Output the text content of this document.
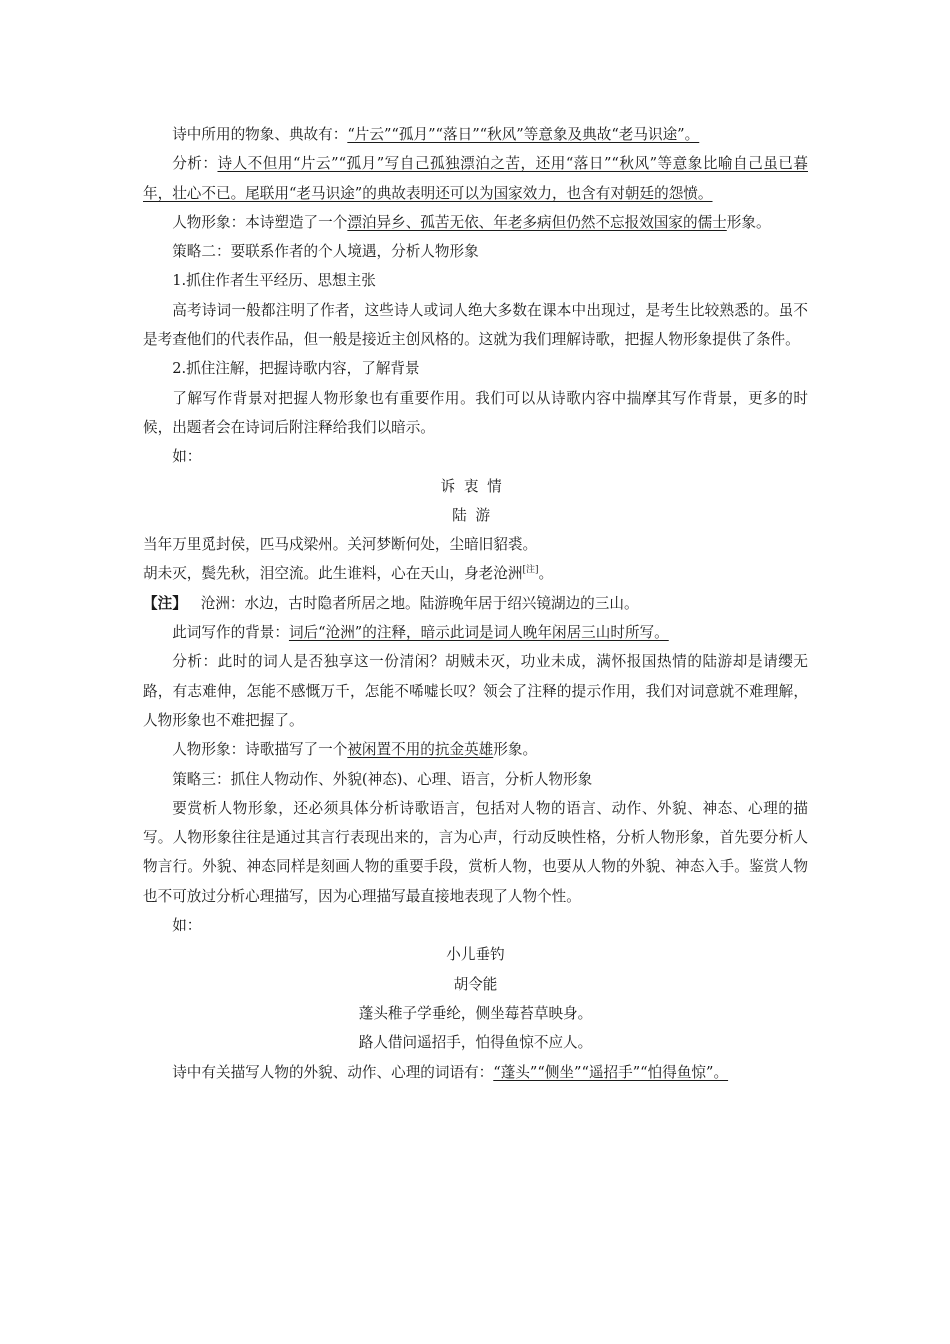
诗中所用的物象、典故有：“片云”“孤月”“落日”“秋风”等意象及典故“老马识途”。

分析：诗人不但用“片云”“孤月”写自己孤独漂泊之苦，还用“落日”“秋风”等意象比喻自己虽已暮年，壮心不已。尾联用“老马识途”的典故表明还可以为国家效力，也含有对朝廷的怨愤。

人物形象：本诗塑造了一个漂泊异乡、孤苦无依、年老多病但仍然不忘报效国家的儒士形象。

策略二：要联系作者的个人境遇，分析人物形象

1.抓住作者生平经历、思想主张

高考诗词一般都注明了作者，这些诗人或词人绝大多数在课本中出现过，是考生比较熟悉的。虽不是考查他们的代表作品，但一般是接近主创风格的。这就为我们理解诗歌，把握人物形象提供了条件。

2.抓住注解，把握诗歌内容，了解背景

了解写作背景对把握人物形象也有重要作用。我们可以从诗歌内容中揣摩其写作背景，更多的时候，出题者会在诗词后附注释给我们以暗示。

如：

诉衷情

陆游

当年万里觅封侯，匹马戍梁州。关河梦断何处，尘暗旧貂裘。

胡未灭，鬓先秋，泪空流。此生谁料，心在天山，身老沧洲[注]。

【注】 沧洲：水边，古时隐者所居之地。陆游晚年居于绍兴镜湖边的三山。

此词写作的背景：词后“沧洲”的注释，暗示此词是词人晚年闲居三山时所写。

分析：此时的词人是否独享这一份清闲？胡贼未灭，功业未成，满怀报国热情的陆游却是请缨无路，有志难伸，怎能不感慨万千，怎能不唏嘘长叹？领会了注释的提示作用，我们对词意就不难理解，人物形象也不难把握了。

人物形象：诗歌描写了一个被闲置不用的抗金英雄形象。

策略三：抓住人物动作、外貌(神态)、心理、语言，分析人物形象

要赏析人物形象，还必须具体分析诗歌语言，包括对人物的语言、动作、外貌、神态、心理的描写。人物形象往往是通过其言行表现出来的，言为心声，行动反映性格，分析人物形象，首先要分析人物言行。外貌、神态同样是刻画人物的重要手段，赏析人物，也要从人物的外貌、神态入手。鉴赏人物也不可放过分析心理描写，因为心理描写最直接地表现了人物个性。

如：

小儿垂钓

胡令能

蓬头稚子学垂纶，侧坐莓苔草映身。

路人借问遥招手，怕得鱼惊不应人。

诗中有关描写人物的外貌、动作、心理的词语有：“蓬头”“侧坐”“遥招手”“怕得鱼惊”。
